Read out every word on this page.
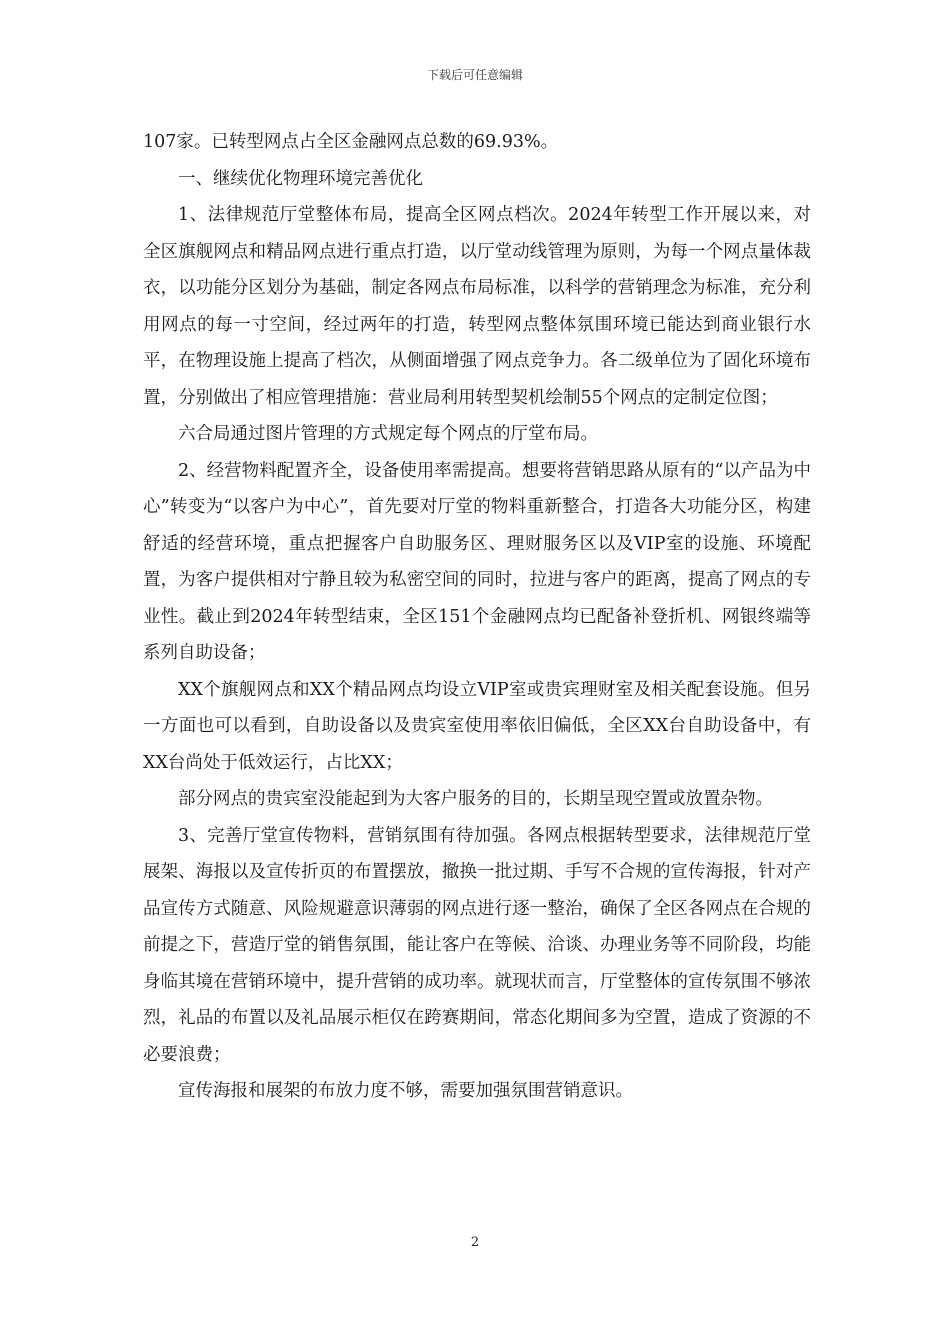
下载后可任意编辑

107家。已转型网点占全区金融网点总数的69.93%。

一、继续优化物理环境完善优化

1、法律规范厅堂整体布局，提高全区网点档次。2024年转型工作开展以来，对全区旗舰网点和精品网点进行重点打造，以厅堂动线管理为原则，为每一个网点量体裁衣，以功能分区划分为基础，制定各网点布局标准，以科学的营销理念为标准，充分利用网点的每一寸空间，经过两年的打造，转型网点整体氛围环境已能达到商业银行水平，在物理设施上提高了档次，从侧面增强了网点竞争力。各二级单位为了固化环境布置，分别做出了相应管理措施：营业局利用转型契机绘制55个网点的定制定位图；

六合局通过图片管理的方式规定每个网点的厅堂布局。

2、经营物料配置齐全，设备使用率需提高。想要将营销思路从原有的“以产品为中心”转变为“以客户为中心”，首先要对厅堂的物料重新整合，打造各大功能分区，构建舒适的经营环境，重点把握客户自助服务区、理财服务区以及VIP室的设施、环境配置，为客户提供相对宁静且较为私密空间的同时，拉进与客户的距离，提高了网点的专业性。截止到2024年转型结束，全区151个金融网点均已配备补登折机、网银终端等系列自助设备；

XX个旗舰网点和XX个精品网点均设立VIP室或贵宾理财室及相关配套设施。但另一方面也可以看到，自助设备以及贵宾室使用率依旧偏低，全区XX台自助设备中，有XX台尚处于低效运行，占比XX；

部分网点的贵宾室没能起到为大客户服务的目的，长期呈现空置或放置杂物。

3、完善厅堂宣传物料，营销氛围有待加强。各网点根据转型要求，法律规范厅堂展架、海报以及宣传折页的布置摆放，撤换一批过期、手写不合规的宣传海报，针对产品宣传方式随意、风险规避意识薄弱的网点进行逐一整治，确保了全区各网点在合规的前提之下，营造厅堂的销售氛围，能让客户在等候、洽谈、办理业务等不同阶段，均能身临其境在营销环境中，提升营销的成功率。就现状而言，厅堂整体的宣传氛围不够浓烈，礼品的布置以及礼品展示柜仅在跨赛期间，常态化期间多为空置，造成了资源的不必要浪费；

宣传海报和展架的布放力度不够，需要加强氛围营销意识。

2
